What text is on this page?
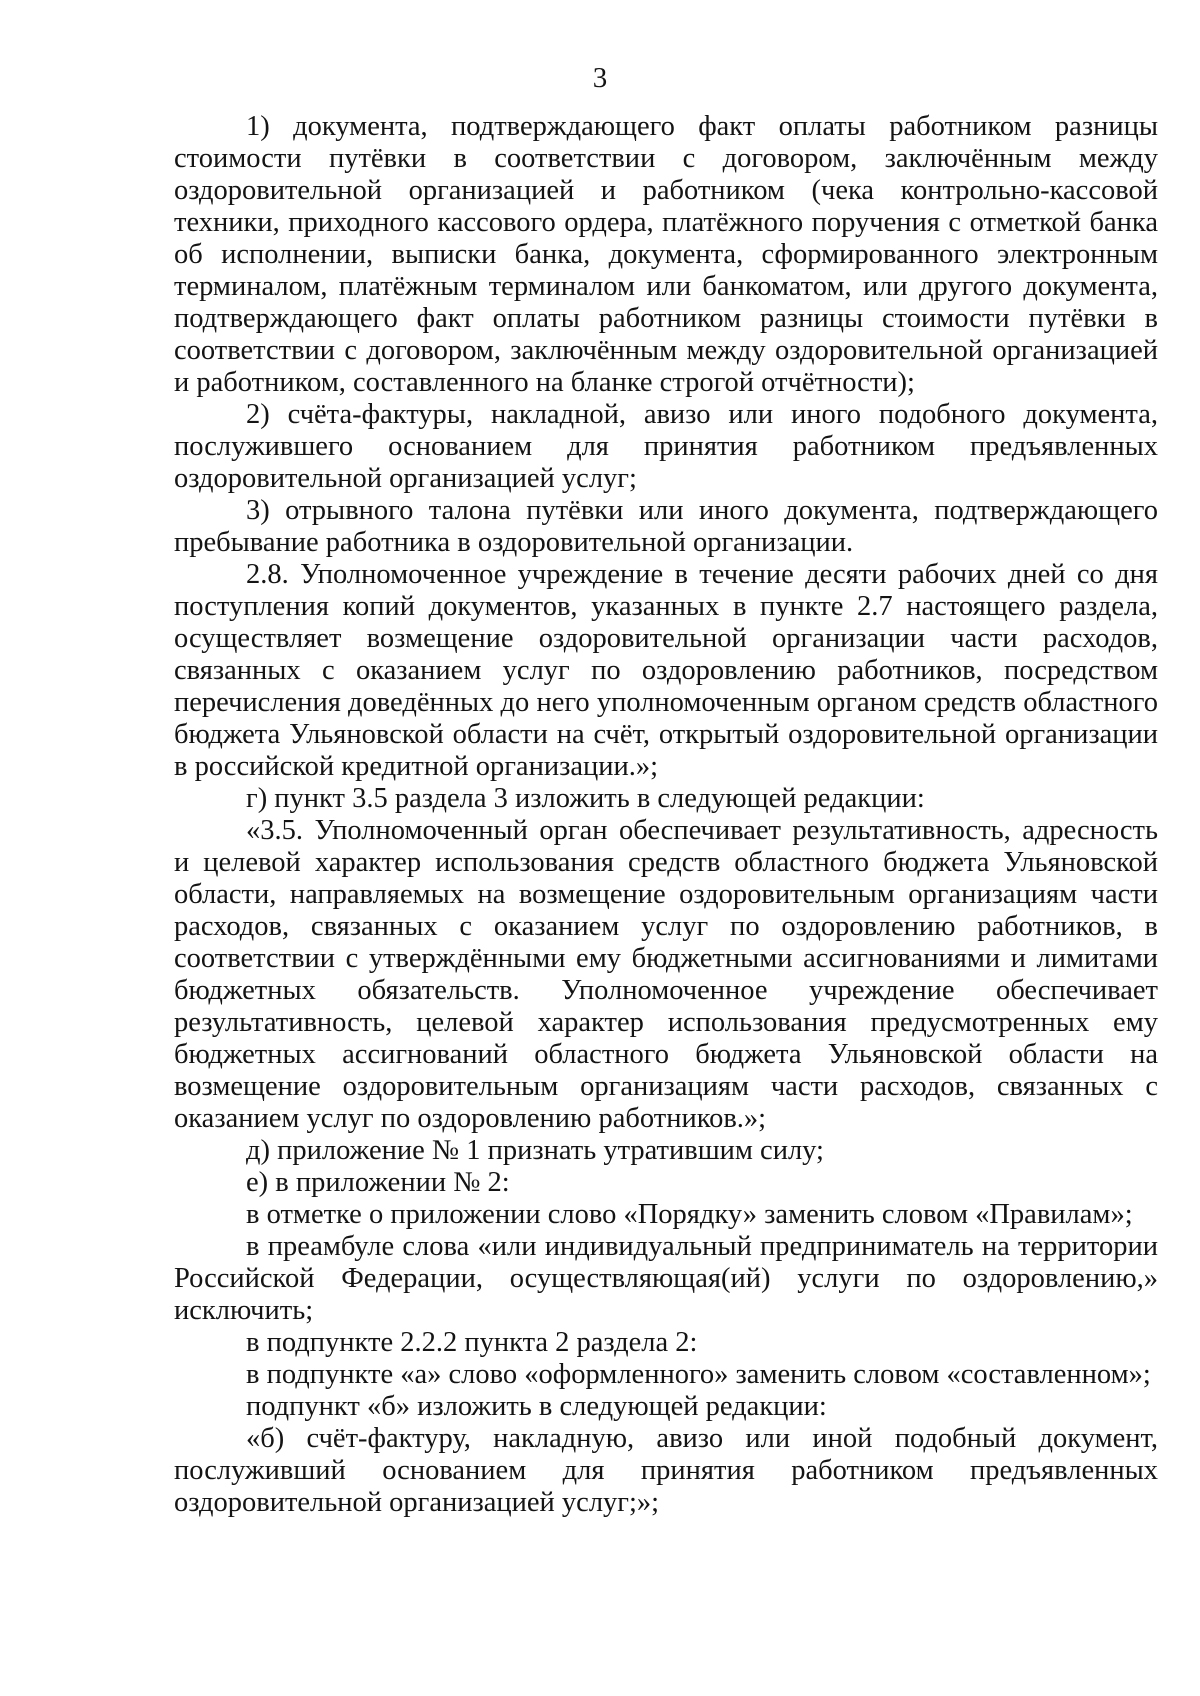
3

1) документа, подтверждающего факт оплаты работником разницы стоимости путёвки в соответствии с договором, заключённым между оздоровительной организацией и работником (чека контрольно-кассовой техники, приходного кассового ордера, платёжного поручения с отметкой банка об исполнении, выписки банка, документа, сформированного электронным терминалом, платёжным терминалом или банкоматом, или другого документа, подтверждающего факт оплаты работником разницы стоимости путёвки в соответствии с договором, заключённым между оздоровительной организацией и работником, составленного на бланке строгой отчётности);

2) счёта-фактуры, накладной, авизо или иного подобного документа, послужившего основанием для принятия работником предъявленных оздоровительной организацией услуг;

3) отрывного талона путёвки или иного документа, подтверждающего пребывание работника в оздоровительной организации.

2.8. Уполномоченное учреждение в течение десяти рабочих дней со дня поступления копий документов, указанных в пункте 2.7 настоящего раздела, осуществляет возмещение оздоровительной организации части расходов, связанных с оказанием услуг по оздоровлению работников, посредством перечисления доведённых до него уполномоченным органом средств областного бюджета Ульяновской области на счёт, открытый оздоровительной организации в российской кредитной организации.»;

г) пункт 3.5 раздела 3 изложить в следующей редакции:

«3.5. Уполномоченный орган обеспечивает результативность, адресность и целевой характер использования средств областного бюджета Ульяновской области, направляемых на возмещение оздоровительным организациям части расходов, связанных с оказанием услуг по оздоровлению работников, в соответствии с утверждёнными ему бюджетными ассигнованиями и лимитами бюджетных обязательств. Уполномоченное учреждение обеспечивает результативность, целевой характер использования предусмотренных ему бюджетных ассигнований областного бюджета Ульяновской области на возмещение оздоровительным организациям части расходов, связанных с оказанием услуг по оздоровлению работников.»;

д) приложение № 1 признать утратившим силу;

е) в приложении № 2:

в отметке о приложении слово «Порядку» заменить словом «Правилам»;

в преамбуле слова «или индивидуальный предприниматель на территории Российской Федерации, осуществляющая(ий) услуги по оздоровлению,» исключить;

в подпункте 2.2.2 пункта 2 раздела 2:

в подпункте «а» слово «оформленного» заменить словом «составленном»;

подпункт «б» изложить в следующей редакции:

«б) счёт-фактуру, накладную, авизо или иной подобный документ, послуживший основанием для принятия работником предъявленных оздоровительной организацией услуг;»;
